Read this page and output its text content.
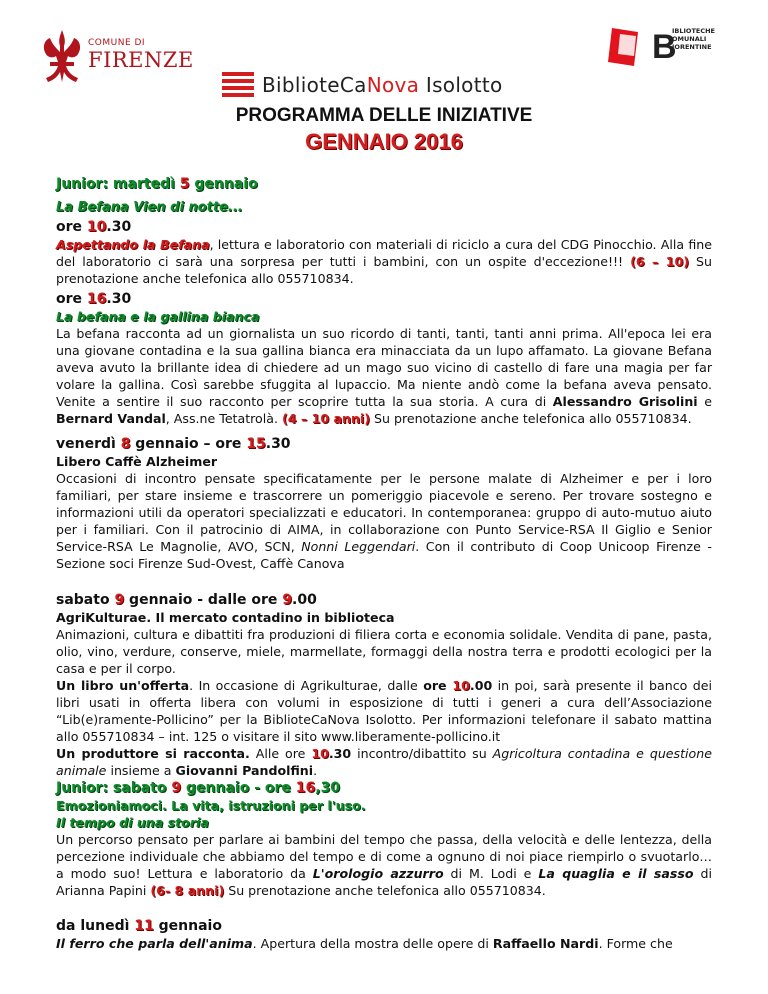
COMUNE DI
FIRENZE	B
IBLIOTECHE
OMUNALI
IORENTINE
BiblioteCaNova Isolotto
PROGRAMMA DELLE INIZIATIVE
GENNAIO 2016
Junior: martedì 5 gennaio
La Befana Vien di notte...
ore 10.30
Aspettando la Befana, lettura e laboratorio con materiali di riciclo a cura del CDG Pinocchio. Alla fine del laboratorio ci sarà una sorpresa per tutti i bambini, con un ospite d'eccezione!!! (6 – 10) Su prenotazione anche telefonica allo 055710834.
ore 16.30
La befana e la gallina bianca
La befana racconta ad un giornalista un suo ricordo di tanti, tanti, tanti anni prima. All'epoca lei era una giovane contadina e la sua gallina bianca era minacciata da un lupo affamato. La giovane Befana aveva avuto la brillante idea di chiedere ad un mago suo vicino di castello di fare una magia per far volare la gallina. Così sarebbe sfuggita al lupaccio. Ma niente andò come la befana aveva pensato. Venite a sentire il suo racconto per scoprire tutta la sua storia. A cura di Alessandro Grisolini e Bernard Vandal, Ass.ne Tetatrolà. (4 – 10 anni) Su prenotazione anche telefonica allo 055710834.
venerdì 8 gennaio – ore 15.30
Libero Caffè Alzheimer
Occasioni di incontro pensate specificatamente per le persone malate di Alzheimer e per i loro familiari, per stare insieme e trascorrere un pomeriggio piacevole e sereno. Per trovare sostegno e informazioni utili da operatori specializzati e educatori. In contemporanea: gruppo di auto-mutuo aiuto per i familiari. Con il patrocinio di AIMA, in collaborazione con Punto Service-RSA Il Giglio e Senior Service-RSA Le Magnolie, AVO, SCN, Nonni Leggendari. Con il contributo di Coop Unicoop Firenze - Sezione soci Firenze Sud-Ovest, Caffè Canova
sabato 9 gennaio - dalle ore 9.00
AgriKulturae. Il mercato contadino in biblioteca
Animazioni, cultura e dibattiti fra produzioni di filiera corta e economia solidale. Vendita di pane, pasta, olio, vino, verdure, conserve, miele, marmellate, formaggi della nostra terra e prodotti ecologici per la casa e per il corpo.
Un libro un'offerta. In occasione di Agrikulturae, dalle ore 10.00 in poi, sarà presente il banco dei libri usati in offerta libera con volumi in esposizione di tutti i generi a cura dell’Associazione “Lib(e)ramente-Pollicino” per la BiblioteCaNova Isolotto. Per informazioni telefonare il sabato mattina allo 055710834 – int. 125 o visitare il sito www.liberamente-pollicino.it
Un produttore si racconta. Alle ore 10.30 incontro/dibattito su Agricoltura contadina e questione animale insieme a Giovanni Pandolfini.
Junior: sabato 9 gennaio - ore 16,30
Emozioniamoci. La vita, istruzioni per l'uso.
Il tempo di una storia
Un percorso pensato per parlare ai bambini del tempo che passa, della velocità e delle lentezza, della percezione individuale che abbiamo del tempo e di come a ognuno di noi piace riempirlo o svuotarlo… a modo suo! Lettura e laboratorio da L'orologio azzurro di M. Lodi e La quaglia e il sasso di Arianna Papini (6- 8 anni) Su prenotazione anche telefonica allo 055710834.
da lunedì 11 gennaio
Il ferro che parla dell'anima. Apertura della mostra delle opere di Raffaello Nardi. Forme che
